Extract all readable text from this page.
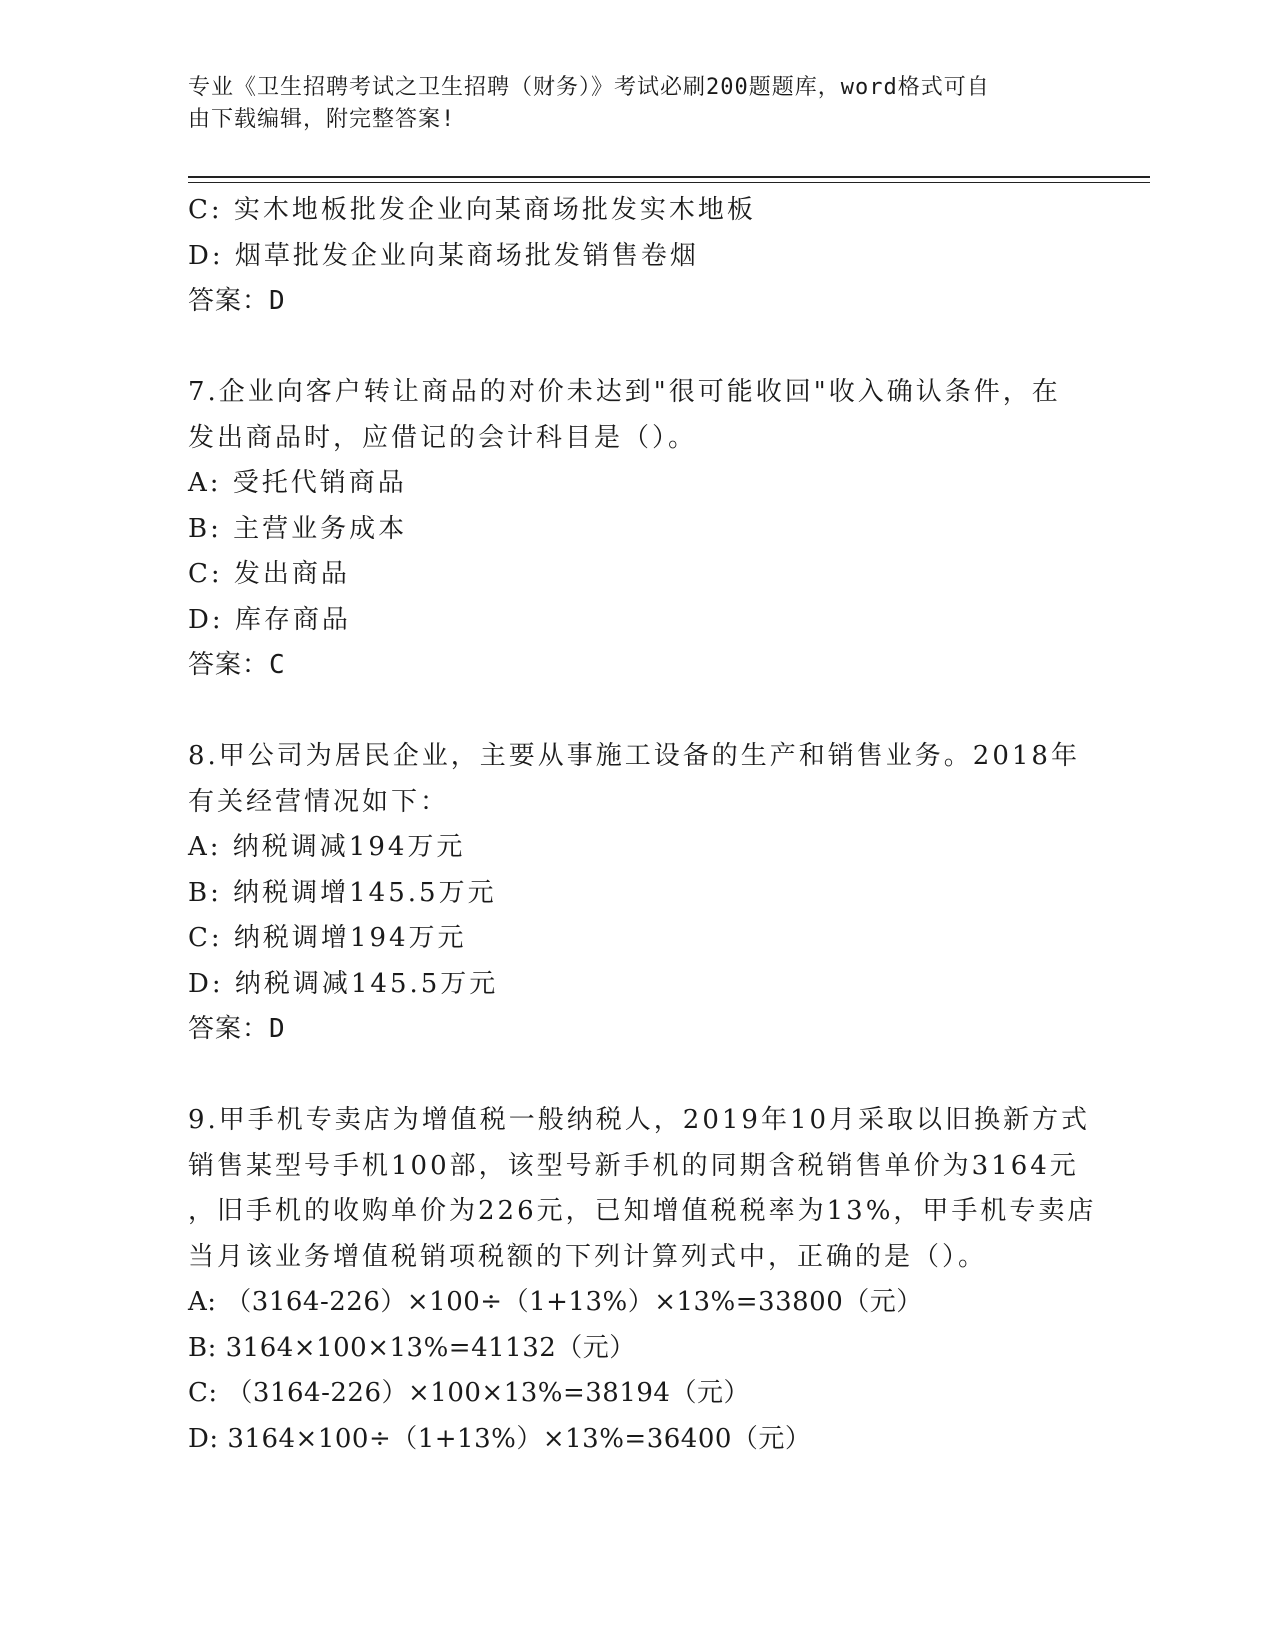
专业《卫生招聘考试之卫生招聘（财务）》考试必刷200题题库，word格式可自
由下载编辑，附完整答案!
C: 实木地板批发企业向某商场批发实木地板
D: 烟草批发企业向某商场批发销售卷烟
答案：D
7.企业向客户转让商品的对价未达到"很可能收回"收入确认条件，在
发出商品时，应借记的会计科目是（）。
A: 受托代销商品
B: 主营业务成本
C: 发出商品
D: 库存商品
答案：C
8.甲公司为居民企业，主要从事施工设备的生产和销售业务。2018年
有关经营情况如下：
A: 纳税调减194万元
B: 纳税调增145.5万元
C: 纳税调增194万元
D: 纳税调减145.5万元
答案：D
9.甲手机专卖店为增值税一般纳税人，2019年10月采取以旧换新方式
销售某型号手机100部，该型号新手机的同期含税销售单价为3164元
，旧手机的收购单价为226元，已知增值税税率为13%，甲手机专卖店
当月该业务增值税销项税额的下列计算列式中，正确的是（）。
A: （3164-226）×100÷（1+13%）×13%=33800（元）
B: 3164×100×13%=41132（元）
C: （3164-226）×100×13%=38194（元）
D: 3164×100÷（1+13%）×13%=36400（元）
